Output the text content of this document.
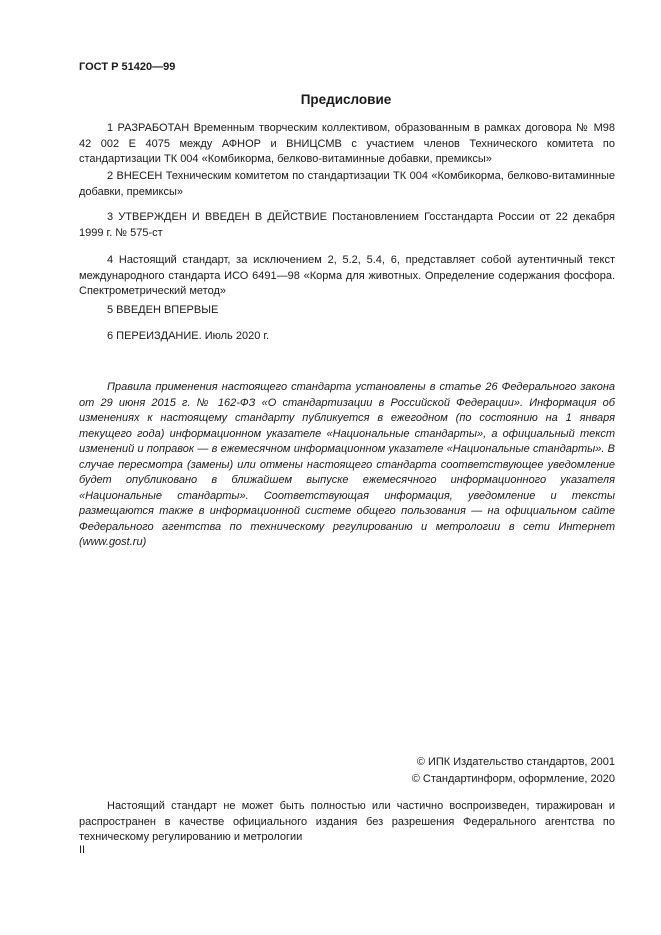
ГОСТ Р 51420—99
Предисловие

1 РАЗРАБОТАН Временным творческим коллективом, образованным в рамках договора № М98 42 002 Е 4075 между АФНОР и ВНИЦСМВ с участием членов Технического комитета по стандартизации ТК 004 «Комбикорма, белково-витаминные добавки, премиксы»

2 ВНЕСЕН Техническим комитетом по стандартизации ТК 004 «Комбикорма, белково-витаминные добавки, премиксы»

3 УТВЕРЖДЕН И ВВЕДЕН В ДЕЙСТВИЕ Постановлением Госстандарта России от 22 декабря 1999 г. № 575-ст

4 Настоящий стандарт, за исключением 2, 5.2, 5.4, 6, представляет собой аутентичный текст международного стандарта ИСО 6491—98 «Корма для животных. Определение содержания фосфора. Спектрометрический метод»

5 ВВЕДЕН ВПЕРВЫЕ

6 ПЕРЕИЗДАНИЕ. Июль 2020 г.

Правила применения настоящего стандарта установлены в статье 26 Федерального закона от 29 июня 2015 г. № 162-ФЗ «О стандартизации в Российской Федерации». Информация об изменениях к настоящему стандарту публикуется в ежегодном (по состоянию на 1 января текущего года) информационном указателе «Национальные стандарты», а официальный текст изменений и поправок — в ежемесячном информационном указателе «Национальные стандарты». В случае пересмотра (замены) или отмены настоящего стандарта соответствующее уведомление будет опубликовано в ближайшем выпуске ежемесячного информационного указателя «Национальные стандарты». Соответствующая информация, уведомление и тексты размещаются также в информационной системе общего пользования — на официальном сайте Федерального агентства по техническому регулированию и метрологии в сети Интернет (www.gost.ru)

© ИПК Издательство стандартов, 2001
© Стандартинформ, оформление, 2020

Настоящий стандарт не может быть полностью или частично воспроизведен, тиражирован и распространен в качестве официального издания без разрешения Федерального агентства по техническому регулированию и метрологии

II
